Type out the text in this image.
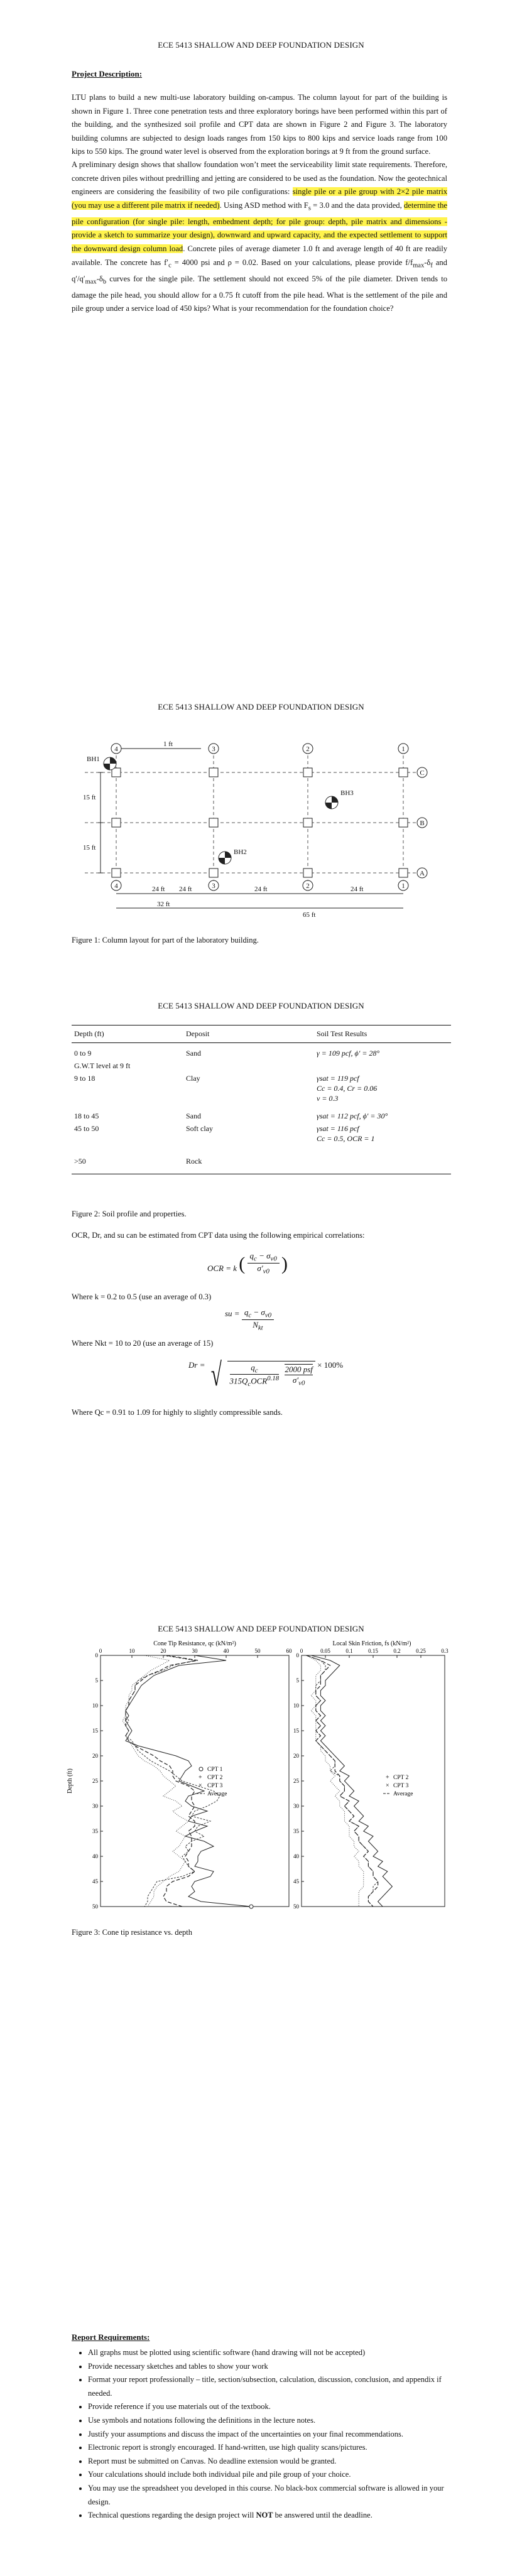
ECE 5413 SHALLOW AND DEEP FOUNDATION DESIGN
Project Description:

LTU plans to build a new multi-use laboratory building on-campus. The column layout for part of the building is shown in Figure 1. Three cone penetration tests and three exploratory borings have been performed within this part of the building, and the synthesized soil profile and CPT data are shown in Figure 2 and Figure 3. The laboratory building columns are subjected to design loads ranges from 150 kips to 800 kips and service loads range from 100 kips to 550 kips. The ground water level is observed from the exploration borings at 9 ft from the ground surface.

A preliminary design shows that shallow foundation won’t meet the serviceability limit state requirements. Therefore, concrete driven piles without predrilling and jetting are considered to be used as the foundation. Now the geotechnical engineers are considering the feasibility of two pile configurations: single pile or a pile group with 2×2 pile matrix (you may use a different pile matrix if needed). Using ASD method with $F_s = 3.0$ and the data provided, determine the pile configuration (for single pile: length, embedment depth; for pile group: depth, pile matrix and dimensions - provide a sketch to summarize your design), downward and upward capacity, and the expected settlement to support the downward design column load. Concrete piles of average diameter 1.0 ft and average length of 40 ft are readily available. The concrete has $f'_c = 4000$ psi and ρ = 0.02. Based on your calculations, please provide $f/f_{max}-\delta_f$ and $q'/q'_{max}-\delta_b$ curves for the single pile. The settlement should not exceed 5% of the pile diameter. Driven tends to damage the pile head, you should allow for a 0.75 ft cutoff from the pile head. What is the settlement of the pile and pile group under a service load of 450 kips? What is your recommendation for the foundation choice?

ECE 5413 SHALLOW AND DEEP FOUNDATION DESIGN
4	3	2	1
4	3	2	1
C
B
A
BH1
BH2
BH3
1 ft
15 ft
15 ft
24 ft 24 ft	24 ft	24 ft
32 ft
65 ft
Figure 1: Column layout for part of the laboratory building.
ECE 5413 SHALLOW AND DEEP FOUNDATION DESIGN
Depth (ft)	Deposit	Soil Test Results
0 to 9	Sand	γ = 109 pcf, ϕ′ = 28°
G.W.T level at 9 ft		
9 to 18	Clay	γsat = 119 pcf
Cc = 0.4, Cr = 0.06
ν = 0.3

18 to 45	Sand	γsat = 112 pcf, ϕ′ = 30°
45 to 50	Soft clay	γsat = 116 pcf
Cc = 0.5, OCR = 1

>50	Rock	
Figure 2: Soil profile and properties.
OCR, Dr, and su can be estimated from CPT data using the following empirical correlations:
OCR = k ( $\frac{q_c - \sigma_{v0}}{\sigma'_{v0}}$ )
Where k = 0.2 to 0.5 (use an average of 0.3)
su = $q_c - \sigma_{v0}$
$N_{kt}$
Where Nkt = 10 to 20 (use an average of 15)
Dr = √	$q_c$
$315Q_cOCR^{0.18}$

2000 psf
$\sigma'_{v0}$
× 100%
Where Qc = 0.91 to 1.09 for highly to slightly compressible sands.
ECE 5413 SHALLOW AND DEEP FOUNDATION DESIGN
Cone Tip Resistance, qc (kN/m²)	Local Skin Friction, fs (kN/m²)
Depth (ft)
0	10	20	30	40	50	60
0
5
10
15
20
25
30
35
40
45
50
0	0.05	0.1	0.15	0.2	0.25	0.3
0
5
10
15
20
25
30
35
40
45
50
CPT 1
+ CPT 2
× CPT 3
Average
+ CPT 2
× CPT 3
Average
Figure 3: Cone tip resistance vs. depth
Report Requirements:
• All graphs must be plotted using scientific software (hand drawing will not be accepted)
• Provide necessary sketches and tables to show your work
• Format your report professionally – title, section/subsection, calculation, discussion, conclusion, and appendix if needed.
• Provide reference if you use materials out of the textbook.
• Use symbols and notations following the definitions in the lecture notes.
• Justify your assumptions and discuss the impact of the uncertainties on your final recommendations.
• Electronic report is strongly encouraged. If hand-written, use high quality scans/pictures.
• Report must be submitted on Canvas. No deadline extension would be granted.
• Your calculations should include both individual pile and pile group of your choice.
• You may use the spreadsheet you developed in this course. No black-box commercial software is allowed in your design.
• Technical questions regarding the design project will NOT be answered until the deadline.
